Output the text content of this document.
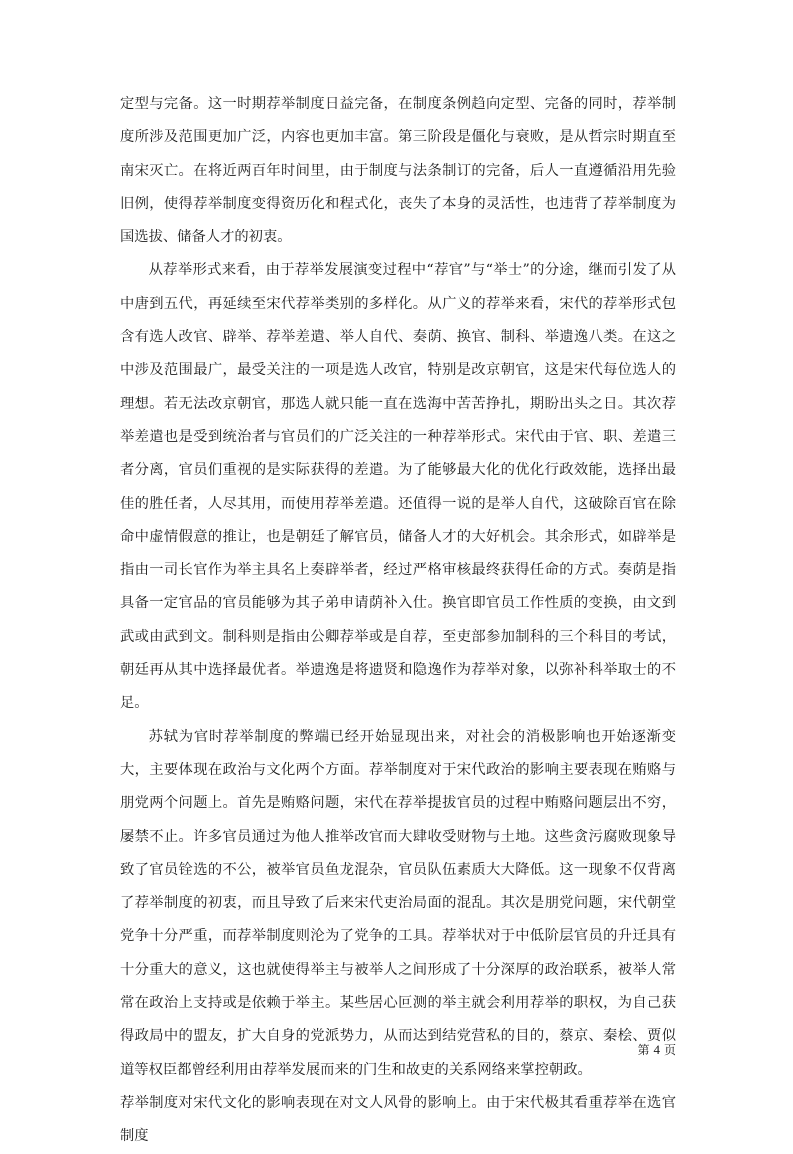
定型与完备。这一时期荐举制度日益完备，在制度条例趋向定型、完备的同时，荐举制度所涉及范围更加广泛，内容也更加丰富。第三阶段是僵化与衰败，是从哲宗时期直至南宋灭亡。在将近两百年时间里，由于制度与法条制订的完备，后人一直遵循沿用先验旧例，使得荐举制度变得资历化和程式化，丧失了本身的灵活性，也违背了荐举制度为国选拔、储备人才的初衷。

从荐举形式来看，由于荐举发展演变过程中“荐官”与“举士”的分途，继而引发了从中唐到五代，再延续至宋代荐举类别的多样化。从广义的荐举来看，宋代的荐举形式包含有选人改官、辟举、荐举差遣、举人自代、奏荫、换官、制科、举遗逸八类。在这之中涉及范围最广，最受关注的一项是选人改官，特别是改京朝官，这是宋代每位选人的理想。若无法改京朝官，那选人就只能一直在选海中苦苦挣扎，期盼出头之日。其次荐举差遣也是受到统治者与官员们的广泛关注的一种荐举形式。宋代由于官、职、差遣三者分离，官员们重视的是实际获得的差遣。为了能够最大化的优化行政效能，选择出最佳的胜任者，人尽其用，而使用荐举差遣。还值得一说的是举人自代，这破除百官在除命中虚情假意的推让，也是朝廷了解官员，储备人才的大好机会。其余形式，如辟举是指由一司长官作为举主具名上奏辟举者，经过严格审核最终获得任命的方式。奏荫是指具备一定官品的官员能够为其子弟申请荫补入仕。换官即官员工作性质的变换，由文到武或由武到文。制科则是指由公卿荐举或是自荐，至吏部参加制科的三个科目的考试，朝廷再从其中选择最优者。举遗逸是将遗贤和隐逸作为荐举对象，以弥补科举取士的不足。

苏轼为官时荐举制度的弊端已经开始显现出来，对社会的消极影响也开始逐渐变大，主要体现在政治与文化两个方面。荐举制度对于宋代政治的影响主要表现在贿赂与朋党两个问题上。首先是贿赂问题，宋代在荐举提拔官员的过程中贿赂问题层出不穷，屡禁不止。许多官员通过为他人推举改官而大肆收受财物与土地。这些贪污腐败现象导致了官员铨选的不公，被举官员鱼龙混杂，官员队伍素质大大降低。这一现象不仅背离了荐举制度的初衷，而且导致了后来宋代吏治局面的混乱。其次是朋党问题，宋代朝堂党争十分严重，而荐举制度则沦为了党争的工具。荐举状对于中低阶层官员的升迁具有十分重大的意义，这也就使得举主与被举人之间形成了十分深厚的政治联系，被举人常常在政治上支持或是依赖于举主。某些居心叵测的举主就会利用荐举的职权，为自己获得政局中的盟友，扩大自身的党派势力，从而达到结党营私的目的，蔡京、秦桧、贾似道等权臣都曾经利用由荐举发展而来的门生和故吏的关系网络来掌控朝政。

荐举制度对宋代文化的影响表现在对文人风骨的影响上。由于宋代极其看重荐举在选官制度

第 4 页
